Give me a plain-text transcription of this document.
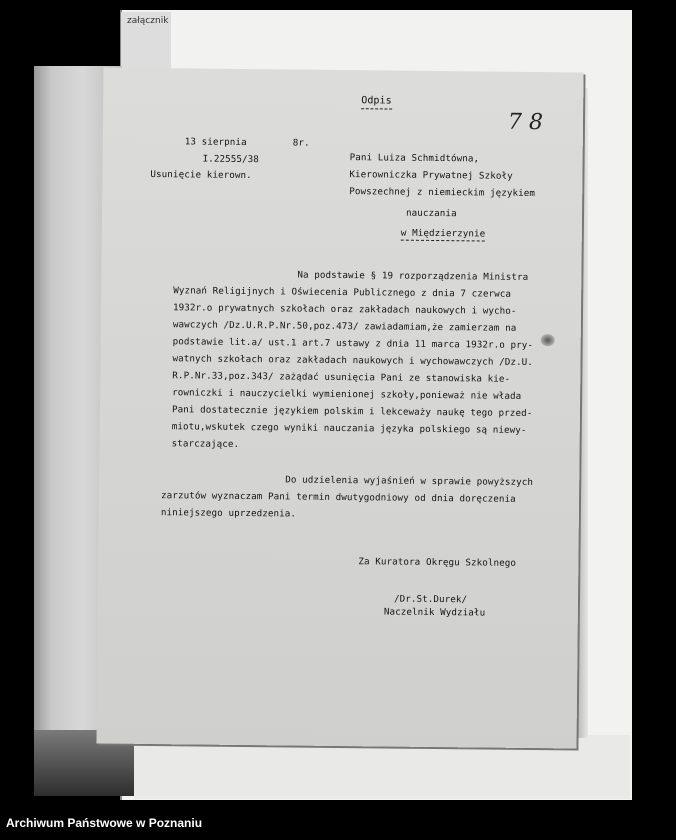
załącznik
Odpis
7 8
13 sierpnia	8r.
I.22555/38
Usunięcie kierown.
Pani Luiza Schmidtówna,
Kierowniczka Prywatnej Szkoły
Powszechnej z niemieckim językiem
nauczania
w Międzierzynie
Na podstawie § 19 rozporządzenia Ministra
Wyznań Religijnych i Oświecenia Publicznego z dnia 7 czerwca
1932r.o prywatnych szkołach oraz zakładach naukowych i wycho-
wawczych /Dz.U.R.P.Nr.50,poz.473/ zawiadamiam,że zamierzam na
podstawie lit.a/ ust.1 art.7 ustawy z dnia 11 marca 1932r.o pry-
watnych szkołach oraz zakładach naukowych i wychowawczych /Dz.U.
R.P.Nr.33,poz.343/ zażądać usunięcia Pani ze stanowiska kie-
rowniczki i nauczycielki wymienionej szkoły,ponieważ nie włada
Pani dostatecznie językiem polskim i lekceważy naukę tego przed-
miotu,wskutek czego wyniki nauczania języka polskiego są niewy-
starczające.
Do udzielenia wyjaśnień w sprawie powyższych
zarzutów wyznaczam Pani termin dwutygodniowy od dnia doręczenia
niniejszego uprzedzenia.
Za Kuratora Okręgu Szkolnego
/Dr.St.Durek/
Naczelnik Wydziału
Archiwum Państwowe w Poznaniu
